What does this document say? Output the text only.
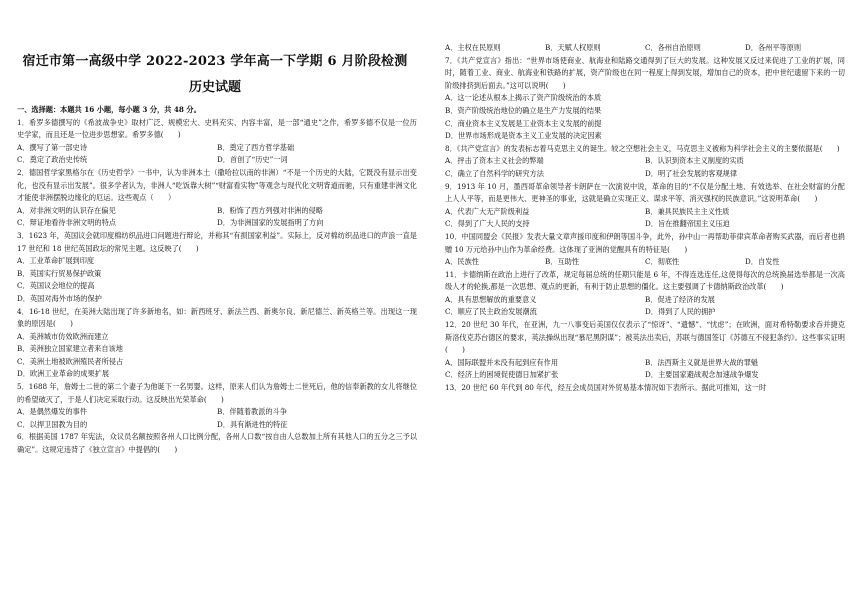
宿迁市第一高级中学 2022-2023 学年高一下学期 6 月阶段检测
历史试题

一、选择题：本题共 16 小题，每小题 3 分，共 48 分。

1．希罗多德撰写的《希波战争史》取材广泛、规模宏大、史料充实、内容丰富，是一部“通史”之作，希罗多德不仅是一位历史学家，而且还是一位进步思想家。希罗多德(　　)

A．撰写了第一部史诗	B．奠定了西方哲学基础
C．奠定了政治史传统	D．首创了“历史”一词

2．德国哲学家黑格尔在《历史哲学》一书中，认为非洲本土（撒哈拉以南的非洲）“不是一个历史的大陆，它既没有显示出变化，也没有显示出发展”。很多学者认为，非洲人“吃饭靠大树”“财富看实物”等观念与现代化文明背道而驰，只有重建非洲文化才能使非洲摆脱边缘化的厄运。这些观点（　　）

A．对非洲文明的认识存在偏见	B．粉饰了西方列强对非洲的侵略
C．辩证地看待非洲文明的特点	D．为非洲国家的发展指明了方向

3．1623 年，英国议会就印度棉纺织品进口问题进行辩论，并称其“有损国家利益”。实际上，反对棉纺织品进口的声浪一直是 17 世纪和 18 世纪英国政坛的常见主题。这反映了(　　)

A．工业革命扩展到印度

B．英国实行贸易保护政策

C．英国议会地位的提高

D．英国对海外市场的保护

4．16-18 世纪，在美洲大陆出现了许多新地名，如：新西班牙、新法兰西、新奥尔良、新尼德兰、新英格兰等。出现这一现象的原因是(　　)

A．美洲城市仿效欧洲而建立

B．美洲独立国家建立者来自该地

C．美洲土地被欧洲殖民者所侵占

D．欧洲工业革命的成果扩展

5．1688 年，詹姆士二世的第二个妻子为他诞下一名男婴。这样，原来人们认为詹姆士二世死后，他的信奉新教的女儿将继位的希望破灭了，于是人们决定采取行动。这反映出光荣革命(　　)

A．是偶然爆发的事件	B．伴随着教派的斗争
C．以捍卫国教为目的	D．具有渐进性的特征

6．根据美国 1787 年宪法，众议员名额按照各州人口比例分配，各州人口数“按自由人总数加上所有其他人口的五分之三予以确定”。这规定违背了《独立宣言》中提倡的(　　)

A．主权在民原则	B．天赋人权原则	C．各州自治原则	D．各州平等原则

7．《共产党宣言》指出：“世界市场使商业、航海业和陆路交通得到了巨大的发展。这种发展又反过来促进了工业的扩展，同时，随着工业、商业、航海业和铁路的扩展，资产阶级也在同一程度上得到发展，增加自己的资本，把中世纪遗留下来的一切阶级排挤到后面去。”这可以说明(　　)

A．这一论述从根本上揭示了资产阶级统治的本质

B．资产阶级统治地位的确立是生产力发展的结果

C．商业资本主义发展是工业资本主义发展的前提

D．世界市场形成是资本主义工业发展的决定因素

8．《共产党宣言》的发表标志着马克思主义的诞生。较之空想社会主义，马克思主义被称为科学社会主义的主要依据是(　　)

A．抨击了资本主义社会的弊端	B．认识到资本主义制度的实质
C．确立了自然科学的研究方法	D．明了社会发展的客观规律

9．1913 年 10 月，墨西哥革命领导者卡朗萨在一次演说中说，革命的目的“不仅是分配土地、有效选举、在社会财富的分配上人人平等，而是更伟大、更神圣的事业，这就是确立实现正义、谋求平等、消灭强权的民族意识。”这说明革命(　　)

A．代表广大无产阶级利益	B．兼具民族民主主义性质
C．得到了广大人民的支持	D．旨在推翻帝国主义压迫

10．中国同盟会《民报》发表大量文章声援印度和伊朗等国斗争，此外，孙中山一再帮助菲律宾革命者购买武器，而后者也捐赠 10 万元给孙中山作为革命经费。这体现了亚洲的觉醒具有的特征是(　　)

A．民族性	B．互助性	C．彻底性	D．自发性

11．卡德纳斯在政治上进行了改革，规定每届总统的任期只能是 6 年，不得连选连任,这使得每次的总统换届选举都是一次高级人才的轮换,都是一次思想、观点的更新，有利于防止思想的僵化。这主要强调了卡德纳斯政治改革(　　)

A．具有思想解放的重要意义	B．促进了经济的发展
C．顺应了民主政治发展潮流	D．得到了人民的拥护

12．20 世纪 30 年代，在亚洲，九一八事变后美国仅仅表示了“惊讶”、“遗憾”、“忧虑”；在欧洲，面对希特勒要求吞并捷克斯洛伐克苏台德区的要求，英法操纵出现“慕尼黑阴谋”；被英法出卖后，苏联与德国签订《苏德互不侵犯条约》。这些事实证明(　　)

A．国际联盟并未没有起到应有作用	B．法西斯主义就是世界大战的罪魁
C．经济上的困境促使德日加紧扩张	D．主要国家避战观念加速战争爆发

13．20 世纪 60 年代到 80 年代，经互会成员国对外贸易基本情况如下表所示。据此可推知，这一时
